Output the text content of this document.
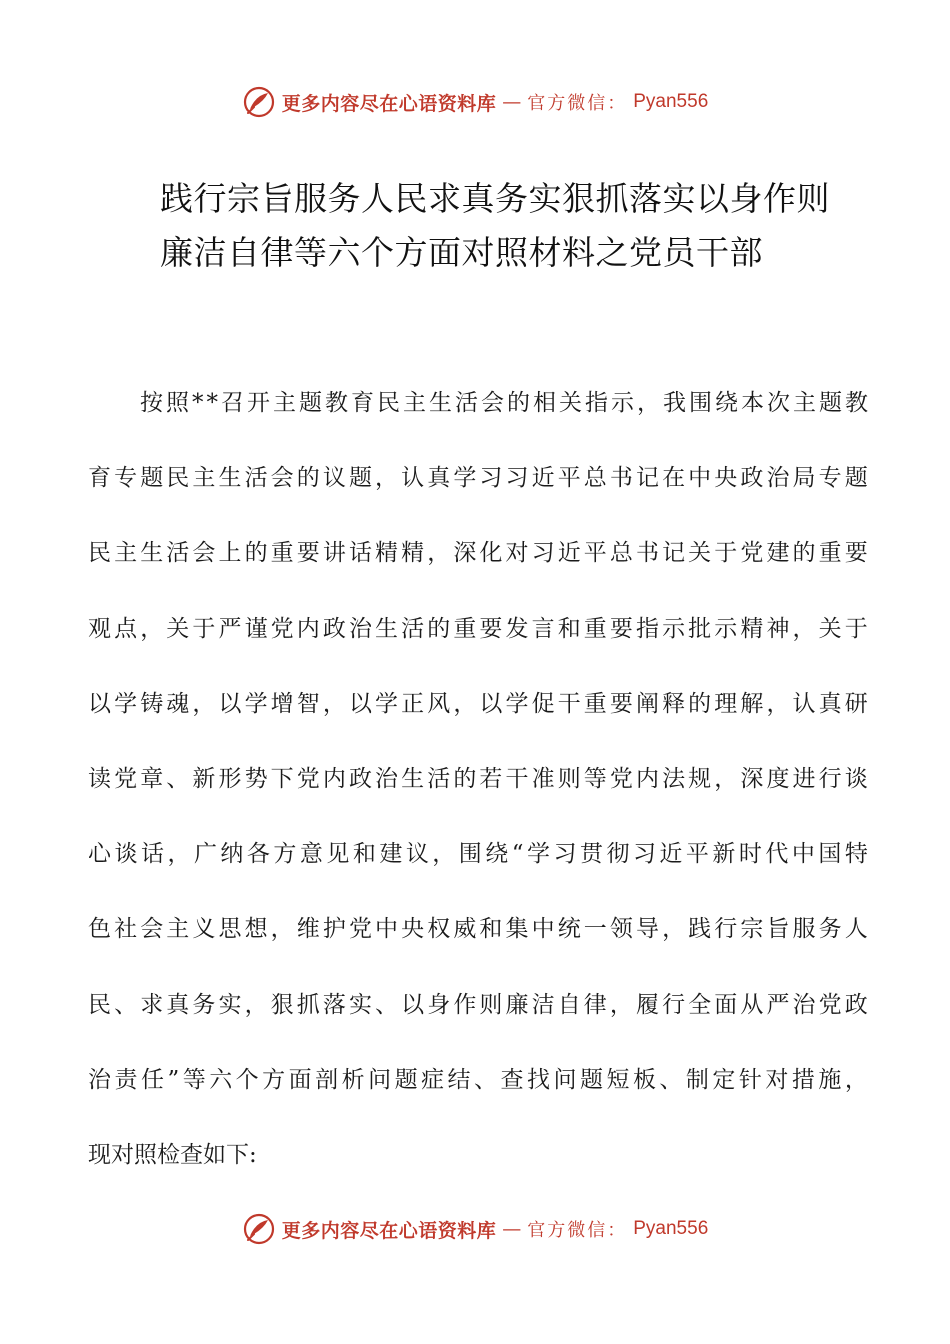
更多内容尽在心语资料库 — 官方微信： Pyan556
践行宗旨服务人民求真务实狠抓落实以身作则
廉洁自律等六个方面对照材料之党员干部

按 照 * * 召 开 主 题 教 育 民 主 生 活 会 的 相 关 指 示 ， 我 围 绕 本 次 主 题 教
育 专 题 民 主 生 活 会 的 议 题 ， 认 真 学 习 习 近 平 总 书 记 在 中 央 政 治 局 专 题
民 主 生 活 会 上 的 重 要 讲 话 精 精 ， 深 化 对 习 近 平 总 书 记 关 于 党 建 的 重 要
观 点 ， 关 于 严 谨 党 内 政 治 生 活 的 重 要 发 言 和 重 要 指 示 批 示 精 神 ， 关 于
以 学 铸 魂 ， 以 学 增 智 ， 以 学 正 风 ， 以 学 促 干 重 要 阐 释 的 理 解 ， 认 真 研
读 党 章 、 新 形 势 下 党 内 政 治 生 活 的 若 干 准 则 等 党 内 法 规 ， 深 度 进 行 谈
心 谈 话 ， 广 纳 各 方 意 见 和 建 议 ， 围 绕 “ 学 习 贯 彻 习 近 平 新 时 代 中 国 特
色 社 会 主 义 思 想 ， 维 护 党 中 央 权 威 和 集 中 统 一 领 导 ， 践 行 宗 旨 服 务 人
民 、 求 真 务 实 ， 狠 抓 落 实 、 以 身 作 则 廉 洁 自 律 ， 履 行 全 面 从 严 治 党 政
治 责 任 ” 等 六 个 方 面 剖 析 问 题 症 结 、 查 找 问 题 短 板 、 制 定 针 对 措 施 ，
现对照检查如下:
更多内容尽在心语资料库 — 官方微信： Pyan556
